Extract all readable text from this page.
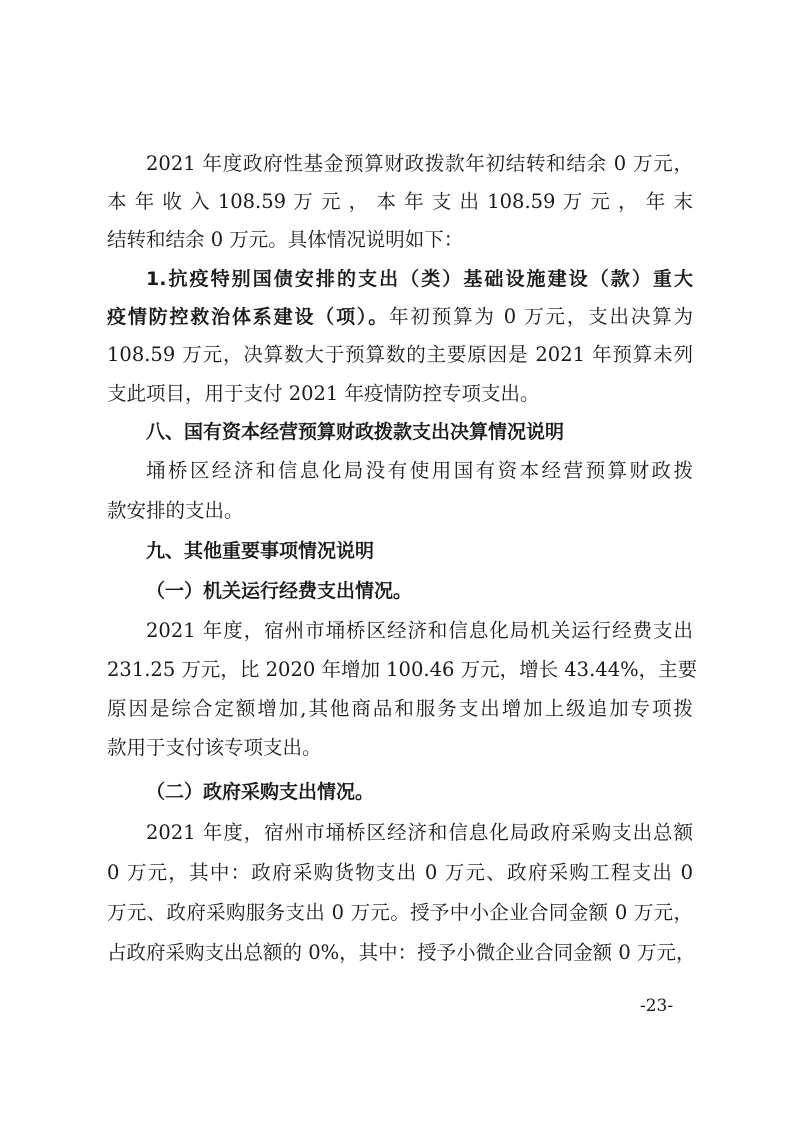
2021 年度政府性基金预算财政拨款年初结转和结余 0 万元，
本 年 收 入 108.59 万 元 ， 本 年 支 出 108.59 万 元 ， 年 末
结转和结余 0 万元。具体情况说明如下：
1.抗疫特别国债安排的支出（类）基础设施建设（款）重大
疫情防控救治体系建设（项）。年初预算为 0 万元，支出决算为
108.59 万元，决算数大于预算数的主要原因是 2021 年预算未列
支此项目，用于支付 2021 年疫情防控专项支出。
八、国有资本经营预算财政拨款支出决算情况说明
埇桥区经济和信息化局没有使用国有资本经营预算财政拨
款安排的支出。
九、其他重要事项情况说明
（一）机关运行经费支出情况。
2021 年度，宿州市埇桥区经济和信息化局机关运行经费支出
231.25 万元，比 2020 年增加 100.46 万元，增长 43.44%，主要
原因是综合定额增加,其他商品和服务支出增加上级追加专项拨
款用于支付该专项支出。
（二）政府采购支出情况。
2021 年度，宿州市埇桥区经济和信息化局政府采购支出总额
0 万元，其中：政府采购货物支出 0 万元、政府采购工程支出 0
万元、政府采购服务支出 0 万元。授予中小企业合同金额 0 万元，
占政府采购支出总额的 0%，其中：授予小微企业合同金额 0 万元，
-23-
